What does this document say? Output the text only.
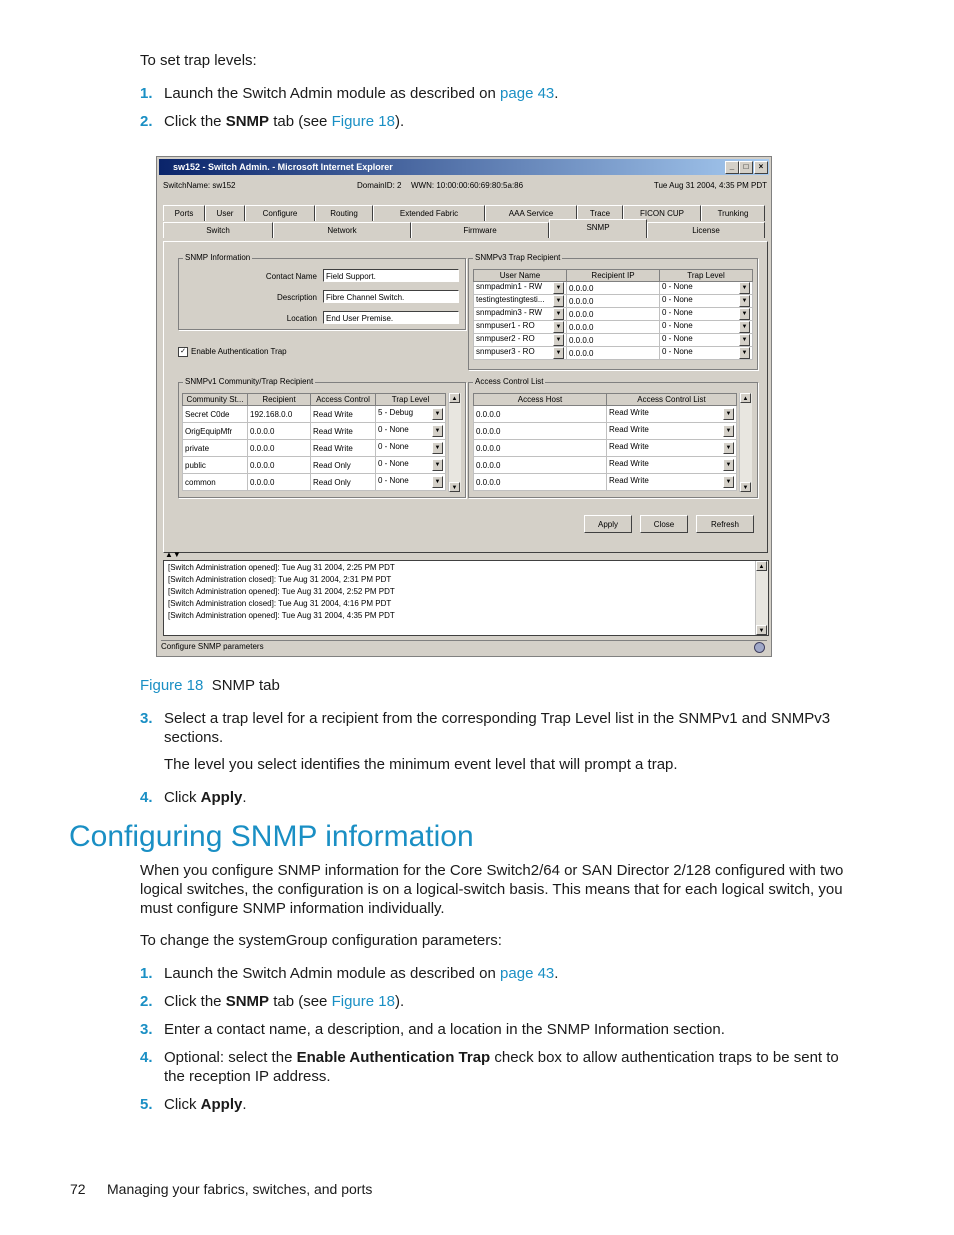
To set trap levels:
1. Launch the Switch Admin module as described on page 43.
2. Click the SNMP tab (see Figure 18).
sw152 - Switch Admin. - Microsoft Internet Explorer	_	□	×
SwitchName: sw152	DomainID: 2 WWN: 10:00:00:60:69:80:5a:86	Tue Aug 31 2004, 4:35 PM PDT
Ports	User	Configure	Routing	Extended Fabric	AAA Service	Trace	FICON CUP	Trunking
Switch	Network	Firmware	SNMP	License
SNMP Information
Contact Name	Field Support.
Description	Fibre Channel Switch.
Location	End User Premise.
✓ Enable Authentication Trap
SNMPv3 Trap Recipient
User Name	Recipient IP	Trap Level
snmpadmin1 - RW ▼	0.0.0.0	0 - None ▼

testingtestingtesti... ▼	0.0.0.0	0 - None ▼

snmpadmin3 - RW ▼	0.0.0.0	0 - None ▼

snmpuser1 - RO ▼	0.0.0.0	0 - None ▼

snmpuser2 - RO ▼	0.0.0.0	0 - None ▼

snmpuser3 - RO ▼	0.0.0.0	0 - None ▼
SNMPv1 Community/Trap Recipient
Community St...	Recipient	Access Control	Trap Level
Secret C0de	192.168.0.0	Read Write	5 - Debug ▼

OrigEquipMfr	0.0.0.0	Read Write	0 - None ▼

private	0.0.0.0	Read Write	0 - None ▼

public	0.0.0.0	Read Only	0 - None ▼

common	0.0.0.0	Read Only	0 - None ▼
▲
▼
Access Control List
Access Host	Access Control List
0.0.0.0	Read Write ▼

0.0.0.0	Read Write ▼

0.0.0.0	Read Write ▼

0.0.0.0	Read Write ▼

0.0.0.0	Read Write ▼
▲
▼
Apply	Close	Refresh
▲▼
[Switch Administration opened]: Tue Aug 31 2004, 2:25 PM PDT
[Switch Administration closed]: Tue Aug 31 2004, 2:31 PM PDT
[Switch Administration opened]: Tue Aug 31 2004, 2:52 PM PDT
[Switch Administration closed]: Tue Aug 31 2004, 4:16 PM PDT
[Switch Administration opened]: Tue Aug 31 2004, 4:35 PM PDT
▲
▼
Configure SNMP parameters
Figure 18 SNMP tab
3. Select a trap level for a recipient from the corresponding Trap Level list in the SNMPv1 and SNMPv3 sections.
The level you select identifies the minimum event level that will prompt a trap.
4. Click Apply.
Configuring SNMP information
When you configure SNMP information for the Core Switch2/64 or SAN Director 2/128 configured with two logical switches, the configuration is on a logical-switch basis. This means that for each logical switch, you must configure SNMP information individually.
To change the systemGroup configuration parameters:
1. Launch the Switch Admin module as described on page 43.
2. Click the SNMP tab (see Figure 18).
3. Enter a contact name, a description, and a location in the SNMP Information section.
4. Optional: select the Enable Authentication Trap check box to allow authentication traps to be sent to the reception IP address.
5. Click Apply.
72 Managing your fabrics, switches, and ports
